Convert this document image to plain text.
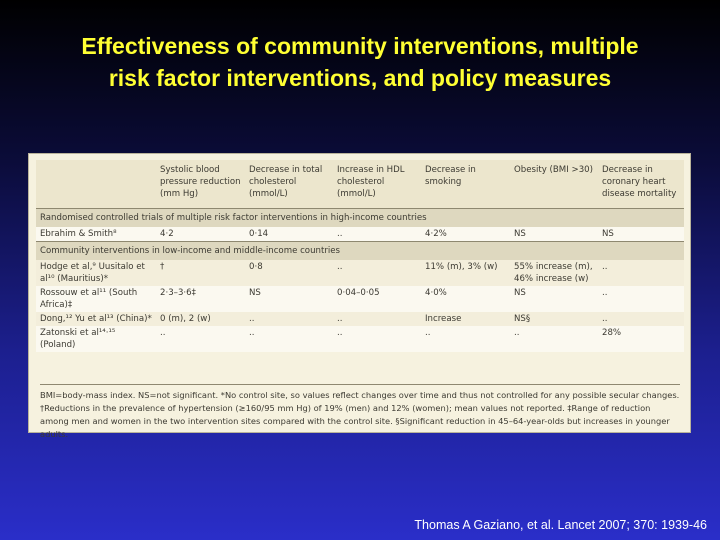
Effectiveness of community interventions, multiple
risk factor interventions, and policy measures
	Systolic blood pressure reduction (mm Hg)	Decrease in total cholesterol (mmol/L)	Increase in HDL cholesterol (mmol/L)	Decrease in smoking	Obesity (BMI >30)	Decrease in coronary heart disease mortality
Randomised controlled trials of multiple risk factor interventions in high-income countries						
Ebrahim & Smith⁸	4·2	0·14	..	4·2%	NS	NS
Community interventions in low-income and middle-income countries						
Hodge et al,⁹ Uusitalo et al¹⁰ (Mauritius)*	†	0·8	..	11% (m), 3% (w)	55% increase (m), 46% increase (w)	..
Rossouw et al¹¹ (South Africa)‡	2·3–3·6‡	NS	0·04–0·05	4·0%	NS	..
Dong,¹² Yu et al¹³ (China)*	0 (m), 2 (w)	..	..	Increase	NS§	..
Zatonski et al¹⁴·¹⁵ (Poland)	..	..	..	..	..	28%
BMI=body-mass index. NS=not significant. *No control site, so values reflect changes over time and thus not controlled for any possible secular changes. †Reductions in the prevalence of hypertension (≥160/95 mm Hg) of 19% (men) and 12% (women); mean values not reported. ‡Range of reduction among men and women in the two intervention sites compared with the control site. §Significant reduction in 45–64-year-olds but increases in younger adults.
Thomas A Gaziano, et al. Lancet 2007; 370: 1939-46
